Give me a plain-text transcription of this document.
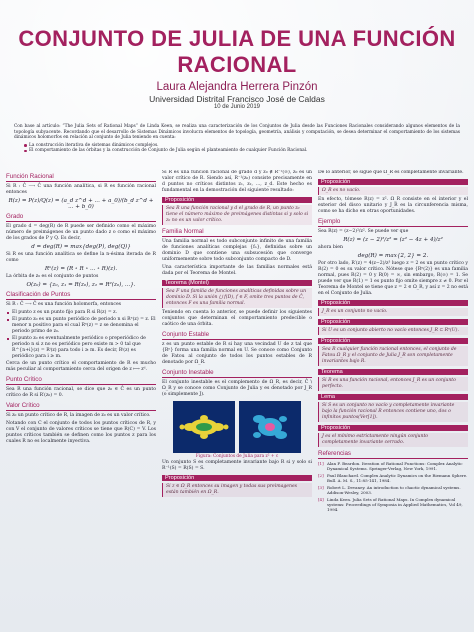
CONJUNTO DE JULIA DE UNA FUNCIÓN RACIONAL
Laura Alejandra Herrera Pinzón
Universidad Distrital Francisco José de Caldas
10 de Junio 2019
Con base al artículo: “The Julia Sets of Rational Maps” de Linda Keen, se realiza una caracterización de los Conjuntos de Julia desde las Funciones Racionales considerando algunos elementos de la topología subyacente. Recordando que el desarrollo de Sistemas Dinámicos involucra elementos de topología, geometría, análisis y computación, se desea determinar el comportamiento de los sistemas dinámicos holomorfos en relación al conjunto de Julia teniendo en cuenta:
La construcción iterativa de sistemas dinámicos complejos.
El comportamiento de las órbitas y la construcción de Conjunto de Julia según el planteamiento de cualquier Función Racional.
Función Racional
Si R : Ĉ ⟶ Ĉ una función analítica, si R es función racional entonces
R(z) = P(z)/Q(z) = (a_d z^d + ... + a_0)/(b_d z^d + ... + b_0)
Grado
El grado d = deg(R) de R puede ser definido como el máximo número de preimágenes de un punto dado z o como el máximo de los grados de P y Q. Es decir,
d = deg(R) = max{deg(P), deg(Q)}
Si R es una función analítica se define la n-ésima iterada de R como
Rⁿ(z) = (R ∘ R ∘ ... ∘ R)(z).
La órbita de z₀ es el conjunto de puntos
O(z₀) = {z₀, z₁ = R(z₀), z₂ = R²(z₀), ...}.
Clasificación de Puntos
Si R : Ĉ ⟶ Ĉ es una función holomorfa, entonces
El punto z es un punto fijo para R si R(z) = z.
El punto z₀ es un punto periódico de periodo n si Rⁿ(z) = z. El menor n positivo para el cual Rⁿ(z) = z se denomina el periodo primo de z₀.
El punto z₀ es eventualmente periódico o preperiódico de periodo n si z no es periódico pero existe m > 0 tal que R^{n+i}(z) = Rⁱ(z) para todo i ≥ m. Es decir, Rⁱ(z) es periódico para i ≥ m.
Cerca de un punto crítico el comportamiento de R es mucho más peculiar al comportamiento cerca del origen de z ⟼ zᵈ.
Punto Crítico
Sea R una función racional, se dice que z₀ ∈ Ĉ es un punto crítico de R si R′(z₀) = 0.
Valor Crítico
Si z₀ un punto crítico de R, la imagen de z₀ es un valor crítico.
Notando con C el conjunto de todos los puntos críticos de R, y con V el conjunto de valores críticos se tiene que R(C) = V. Los puntos críticos también se definen como los puntos z para los cuales R no es localmente inyectiva.
Si R es una función racional de grado d y z₀ ∉ R⁻¹(∞), z₀ es un valor crítico de R. Siendo así, R⁻¹(z₀) consiste precisamente en d puntos no críticos distintos z₁, z₂, ..., z_d. Este hecho es fundamental en la demostración del siguiente resultado:
Proposición
Sea R una función racional y d el grado de R, un punto z₀ tiene el número máximo de preimágenes distintas si y solo si z₀ no es un valor crítico.
Familia Normal
Una familia normal es todo subconjunto infinito de una familia de funciones analíticas complejas {fₙ}, definidas sobre un dominio D que contiene una subsucesión que converge uniformemente sobre todo subconjunto compacto de D.
Una característica importante de las familias normales está dada por el Teorema de Montel.
Teorema (Montel)
Sea F una familia de funciones analíticas definidas sobre un dominio D. Si la unión ⋃ f(D), f ∈ F, omite tres puntos de Ĉ, entonces F es una familia normal.
Teniendo en cuenta lo anterior, se puede definir los siguientes conjuntos que determinan el comportamiento predecible o caótico de una órbita.
Conjunto Estable
z es un punto estable de R si hay una vecindad U de z tal que {Rⁿ} forma una familia normal en U. Se conoce como Conjunto de Fatou al conjunto de todos los puntos estables de R denotado por Ω_R.
Conjunto Inestable
El conjunto inestable es el complemento de Ω_R, es decir, Ĉ \ Ω_R y se conoce como Conjunto de Julia y es denotado por J_R (o simplemente J).
Figura: Conjuntos de Julia para z² + c
Un conjunto S es completamente invariante bajo R si y solo si R⁻¹(S) = R(S) = S.
Proposición
Si z ∈ Ω_R entonces su imagen y todas sus preimagenes están también en Ω_R.
De lo anterior, se sigue que Ω_R es completamente invariante.
Proposición
Ω_R es no vacío.
En efecto, tómese R(z) = z². Ω_R consiste en el interior y el exterior del disco unitario y J_R es la circunferencia misma, como se ha dicho en otras oportunidades.
Ejemplo
Sea R(z) = (z−2)²/z². Se puede ver que
R(z) = (z − 2)²/z² = (z² − 4z + 4)/z²
ahora bien
deg(R) = max{2, 2} = 2.
Por otro lado, R′(z) = 4(z−2)/z³ luego z = 2 es un punto crítico y R(2) = 0 es su valor crítico. Nótese que {Rⁿ(2)} es una familia normal, pues R(2) = 0 y R(0) = ∞, sin embargo, R(∞) = 1. Se puede ver que R(1) = 1 es punto fijo omite siempre z ≠ 0. Por el Teorema de Montel se tiene que z = 2 ∈ Ω_R, y así z = 2 no está en el Conjunto de Julia.
Proposición
J_R es un conjunto no vacío.
Proposición
Si U es un conjunto abierto no vacío entonces J_R ⊂ Rⁿ(U).
Proposición
Sea R cualquier función racional entonces, el conjunto de Fatou Ω_R y el conjunto de Julia J_R son completamente invariantes bajo R.
Teorema
Si R es una función racional, entonces J_R es un conjunto perfecto.
Lema
Si S es un conjunto no vacío y completamente invariante bajo la función racional R entonces contiene uno, dos o infinitos puntos(Ver[1]).
Proposición
J es el mínimo estrictamente ningún conjunto completamente invariante cerrado.
Referencias
[1] Alan F. Beardon. Iteration of Rational Functions: Complex Analytic Dynamical Systems. Springer-Verlag, New York, 1991.
[2] Paul Blanchard. Complex Analytic Dynamics on the Riemann Sphere. Bull. A. M. S., 11:85-141, 1984.
[3] Robert L. Devaney. An introduction to chaotic dynamical systems. Addison-Wesley, 2003.
[4] Linda Keen. Julia Sets of Rational Maps. In Complex dynamical systems: Proceedings of Symposia in Applied Mathematics, Vol 49, 1994.
